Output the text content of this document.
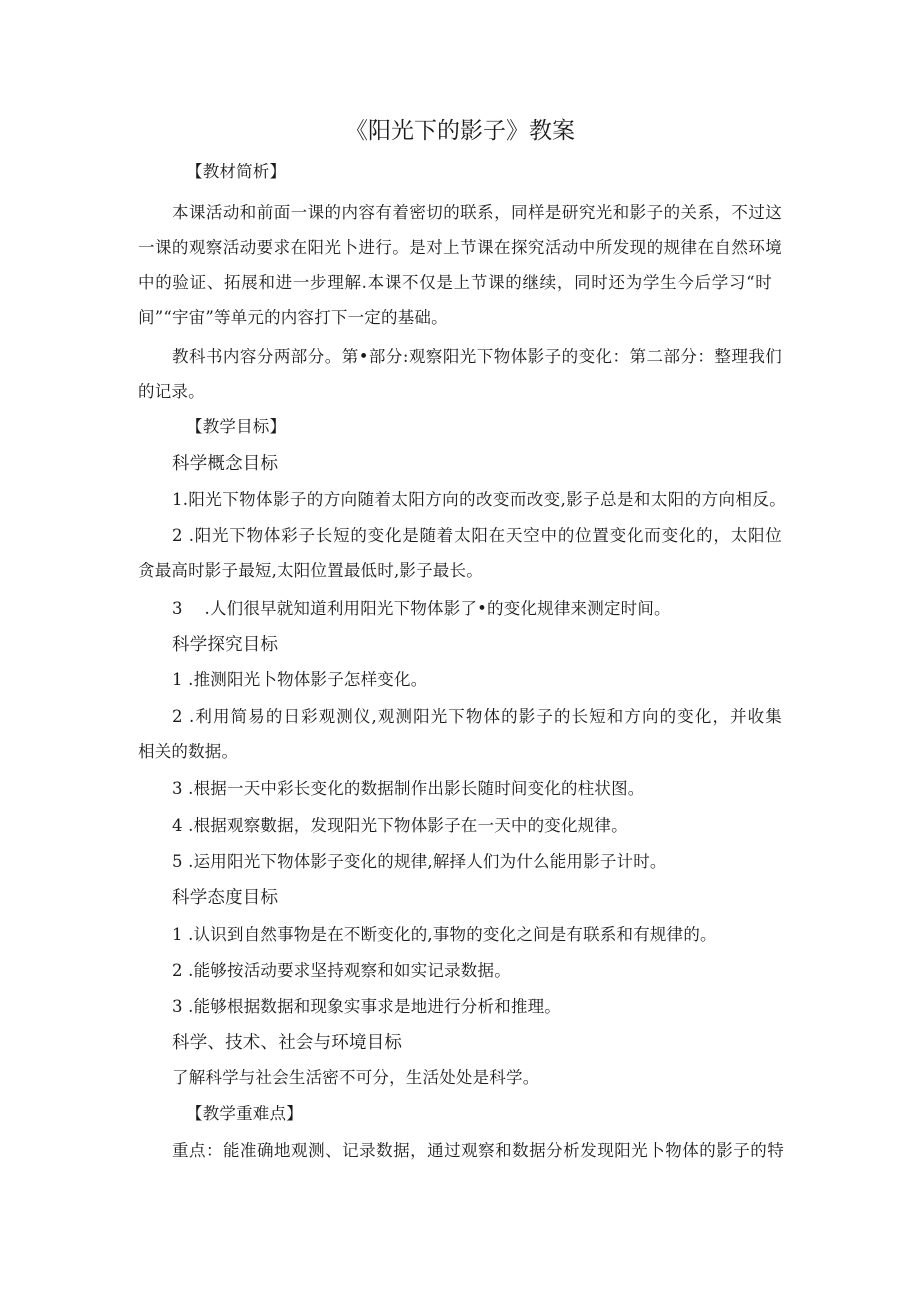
《阳光下的影子》教案
【教材简析】
本课活动和前面一课的内容有着密切的联系，同样是研究光和影子的关系，不过这
一课的观察活动要求在阳光卜进行。是对上节课在探究活动中所发现的规律在自然环境
中的验证、拓展和进一步理解.本课不仅是上节课的继续，同时还为学生今后学习“时
间”“宇宙”等单元的内容打下一定的基础。
教科书内容分两部分。第•部分:观察阳光下物体影子的变化：第二部分：整理我们
的记录。
【教学目标】
科学概念目标
1.阳光下物体影子的方向随着太阳方向的改变而改变,影子总是和太阳的方向相反。
2 .阳光下物体彩子长短的变化是随着太阳在天空中的位置变化而变化的，太阳位
贪最高时影子最短,太阳位置最低时,影子最长。
3    .人们很早就知道利用阳光下物体影了•的变化规律来测定时间。
科学探究目标
1 .推测阳光卜物体影子怎样变化。
2 .利用简易的日彩观测仪,观测阳光下物体的影子的长短和方向的变化，并收集
相关的数据。
3 .根据一天中彩长变化的数据制作出影长随时间变化的柱状图。
4 .根据观察數据，发现阳光下物体影子在一天中的变化规律。
5 .运用阳光下物体影子变化的规律,解择人们为什么能用影子计时。
科学态度目标
1 .认识到自然事物是在不断变化的,事物的变化之间是有联系和有规律的。
2 .能够按活动要求坚持观察和如实记录数据。
3 .能够根据数据和现象实事求是地进行分析和推理。
科学、技术、社会与环境目标
了解科学与社会生活密不可分，生活处处是科学。
【教学重难点】
重点：能准确地观测、记录数据，通过观察和数据分析发现阳光卜物体的影子的特
